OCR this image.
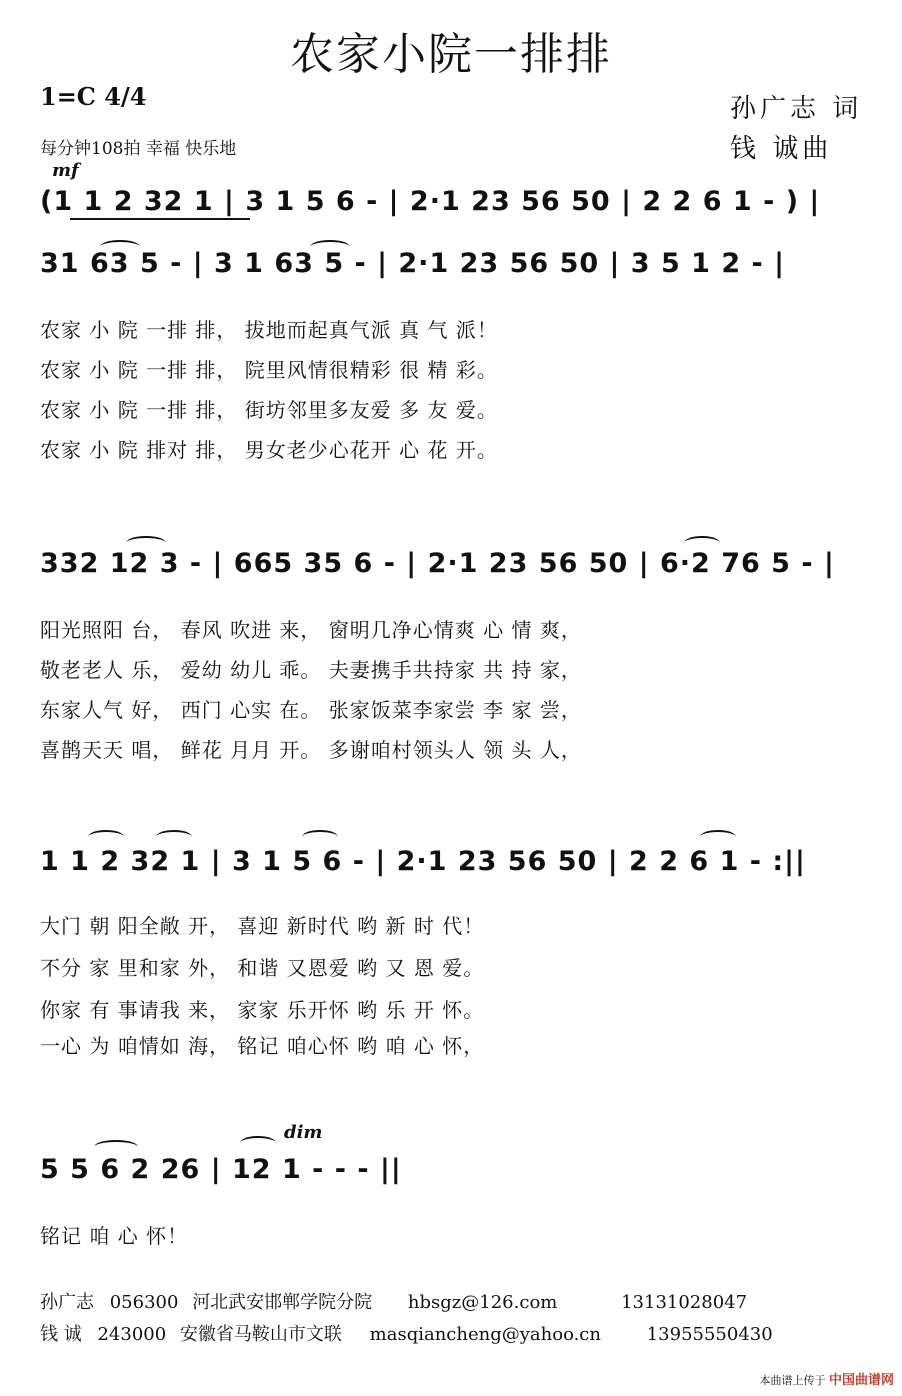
农家小院一排排
1=C 4/4
每分钟108拍 幸福 快乐地
孙广志 词
钱 诚曲
mf
(1 1 2 32 1 | 3 1 5 6 - | 2·1 23 56 50 | 2 2 6 1 - ) |
31 63 5 - | 3 1 63 5 - | 2·1 23 56 50 | 3 5 1 2 - |
农家 小 院 一排 排， 拔地而起真气派 真 气 派！
农家 小 院 一排 排， 院里风情很精彩 很 精 彩。
农家 小 院 一排 排， 街坊邻里多友爱 多 友 爱。
农家 小 院 排对 排， 男女老少心花开 心 花 开。
332 12 3 - | 665 35 6 - | 2·1 23 56 50 | 6·2 76 5 - |
阳光照阳 台， 春风 吹进 来， 窗明几净心情爽 心 情 爽，
敬老老人 乐， 爱幼 幼儿 乖。 夫妻携手共持家 共 持 家，
东家人气 好， 西门 心实 在。 张家饭菜李家尝 李 家 尝，
喜鹊天天 唱， 鲜花 月月 开。 多谢咱村领头人 领 头 人，
1 1 2 32 1 | 3 1 5 6 - | 2·1 23 56 50 | 2 2 6 1 - :||
大门 朝 阳全敞 开， 喜迎 新时代 哟 新 时 代！
不分 家 里和家 外， 和谐 又恩爱 哟 又 恩 爱。
你家 有 事请我 来， 家家 乐开怀 哟 乐 开 怀。
一心 为 咱情如 海， 铭记 咱心怀 哟 咱 心 怀，
dim
5 5 6 2 26 | 12 1 - - - ||
铭记 咱 心 怀！
孙广志 056300 河北武安邯郸学院分院 hbsgz@126.com	13131028047
钱 诚 243000 安徽省马鞍山市文联 masqiancheng@yahoo.cn	13955550430
本曲谱上传于 中国曲谱网
